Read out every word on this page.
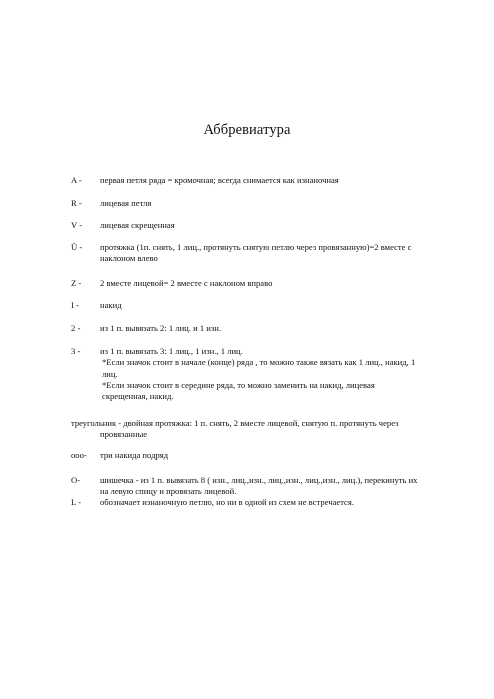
Аббревиатура
A -	первая петля ряда = кромочная; всегда снимается как изнаночная
R -	лицевая петля
V -	лицевая скрещенная
Ü -	протяжка (1п. снять, 1 лиц., протянуть снятую петлю через провязанную)=2 вместе с
наклоном влево
Z -	2 вместе лицевой= 2 вместе с наклоном вправо
I -	накид
2 -	из 1 п. вывязать 2: 1 лиц. и 1 изн.
3 -	из 1 п. вывязать 3: 1 лиц., 1 изн., 1 лиц.
*Если значок стоит в начале (конце) ряда , то можно также вязать как 1 лиц., накид, 1
лиц.
*Если значок стоит в середине ряда, то можно заменить на накид, лицевая
скрещенная, накид.
треугольник - двойная протяжка: 1 п. снять, 2 вместе лицевой, снятую п. протянуть через
провязанные
ooo-	три накида подряд
O-	шишечка - из 1 п. вывязать 8 ( изн., лиц.,изн., лиц.,изн., лиц.,изн., лиц.), перекинуть их
на левую спицу и провязать лицевой.
L -	обозначает изнаночную петлю, но ни в одной из схем не встречается.
